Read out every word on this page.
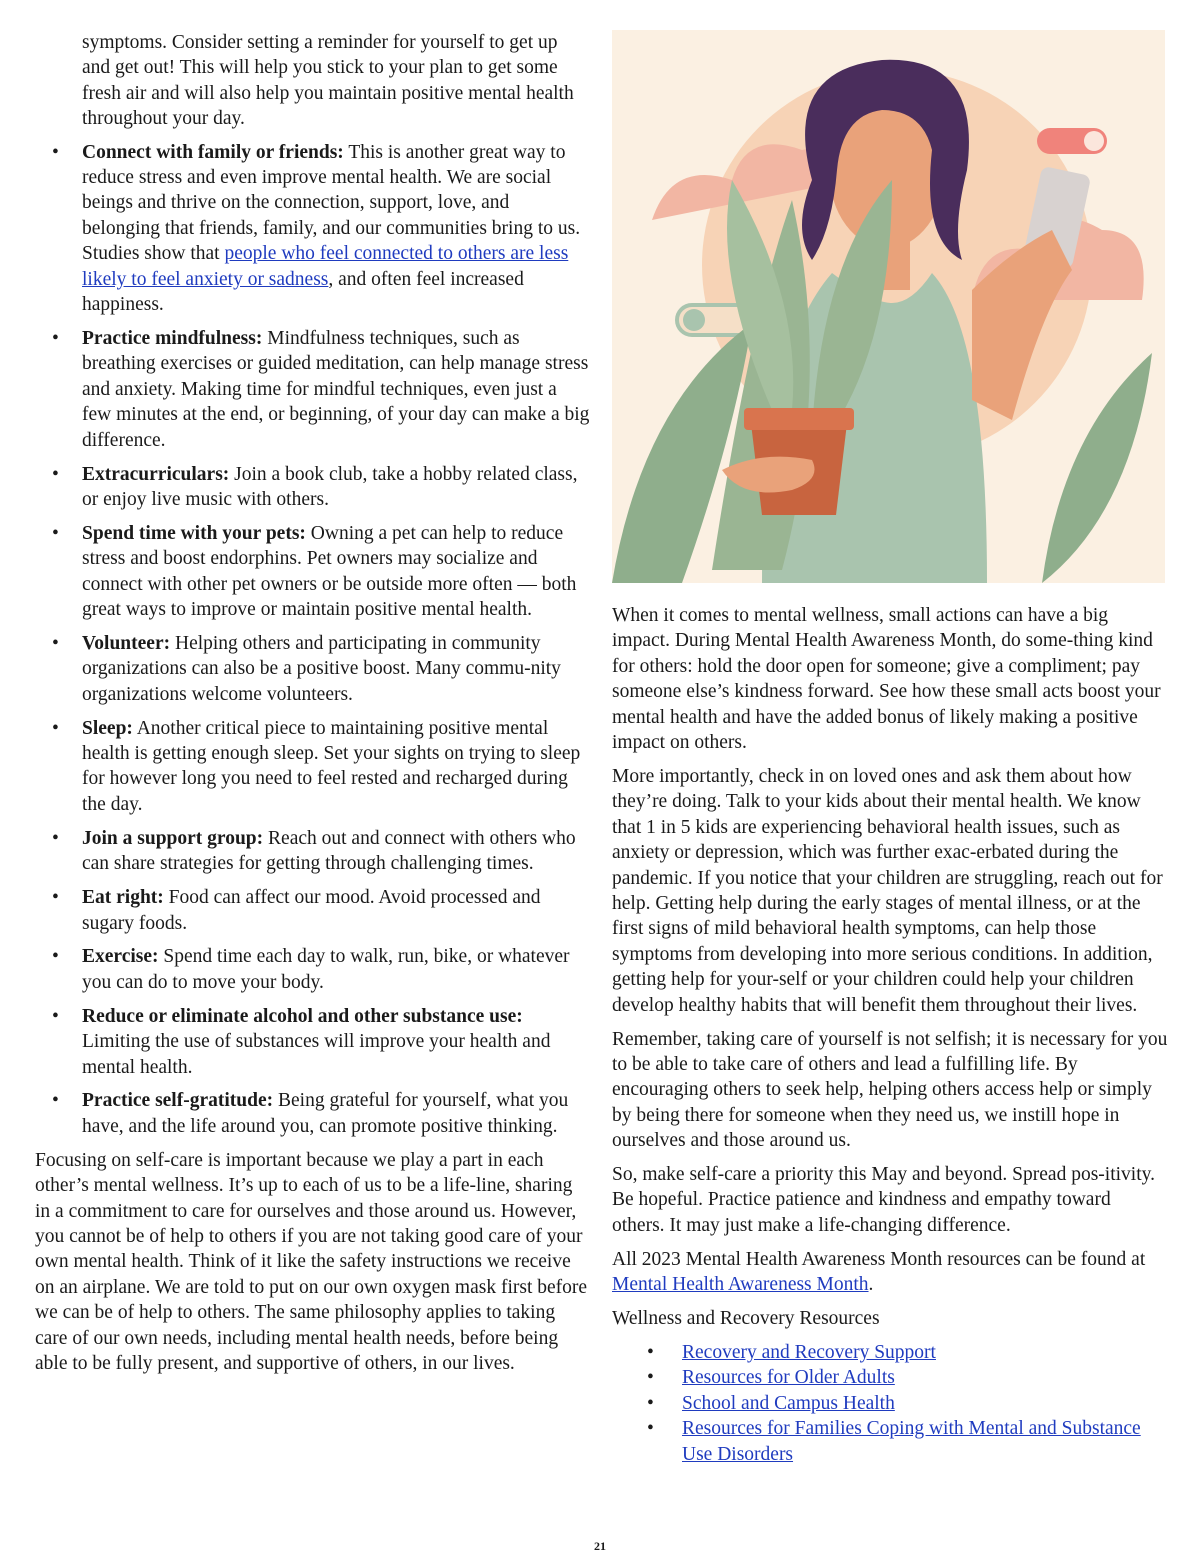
symptoms. Consider setting a reminder for yourself to get up and get out! This will help you stick to your plan to get some fresh air and will also help you maintain positive mental health throughout your day.
• Connect with family or friends: This is another great way to reduce stress and even improve mental health. We are social beings and thrive on the connection, support, love, and belonging that friends, family, and our communities bring to us. Studies show that people who feel connected to others are less likely to feel anxiety or sadness, and often feel increased happiness.
• Practice mindfulness: Mindfulness techniques, such as breathing exercises or guided meditation, can help manage stress and anxiety. Making time for mindful techniques, even just a few minutes at the end, or beginning, of your day can make a big difference.
• Extracurriculars: Join a book club, take a hobby related class, or enjoy live music with others.
• Spend time with your pets: Owning a pet can help to reduce stress and boost endorphins. Pet owners may socialize and connect with other pet owners or be outside more often — both great ways to improve or maintain positive mental health.
• Volunteer: Helping others and participating in community organizations can also be a positive boost. Many commu-nity organizations welcome volunteers.
• Sleep: Another critical piece to maintaining positive mental health is getting enough sleep. Set your sights on trying to sleep for however long you need to feel rested and recharged during the day.
• Join a support group: Reach out and connect with others who can share strategies for getting through challenging times.
• Eat right: Food can affect our mood. Avoid processed and sugary foods.
• Exercise: Spend time each day to walk, run, bike, or whatever you can do to move your body.
• Reduce or eliminate alcohol and other substance use: Limiting the use of substances will improve your health and mental health.
• Practice self-gratitude: Being grateful for yourself, what you have, and the life around you, can promote positive thinking.

Focusing on self-care is important because we play a part in each other’s mental wellness. It’s up to each of us to be a life-line, sharing in a commitment to care for ourselves and those around us. However, you cannot be of help to others if you are not taking good care of your own mental health. Think of it like the safety instructions we receive on an airplane. We are told to put on our own oxygen mask first before we can be of help to others. The same philosophy applies to taking care of our own needs, including mental health needs, before being able to be fully present, and supportive of others, in our lives.

When it comes to mental wellness, small actions can have a big impact. During Mental Health Awareness Month, do some-thing kind for others: hold the door open for someone; give a compliment; pay someone else’s kindness forward. See how these small acts boost your mental health and have the added bonus of likely making a positive impact on others.

More importantly, check in on loved ones and ask them about how they’re doing. Talk to your kids about their mental health. We know that 1 in 5 kids are experiencing behavioral health issues, such as anxiety or depression, which was further exac-erbated during the pandemic. If you notice that your children are struggling, reach out for help. Getting help during the early stages of mental illness, or at the first signs of mild behavioral health symptoms, can help those symptoms from developing into more serious conditions. In addition, getting help for your-self or your children could help your children develop healthy habits that will benefit them throughout their lives.

Remember, taking care of yourself is not selfish; it is necessary for you to be able to take care of others and lead a fulfilling life. By encouraging others to seek help, helping others access help or simply by being there for someone when they need us, we instill hope in ourselves and those around us.

So, make self-care a priority this May and beyond. Spread pos-itivity. Be hopeful. Practice patience and kindness and empathy toward others. It may just make a life-changing difference.

All 2023 Mental Health Awareness Month resources can be found at Mental Health Awareness Month.

Wellness and Recovery Resources

• Recovery and Recovery Support
• Resources for Older Adults
• School and Campus Health
• Resources for Families Coping with Mental and Substance Use Disorders
21
